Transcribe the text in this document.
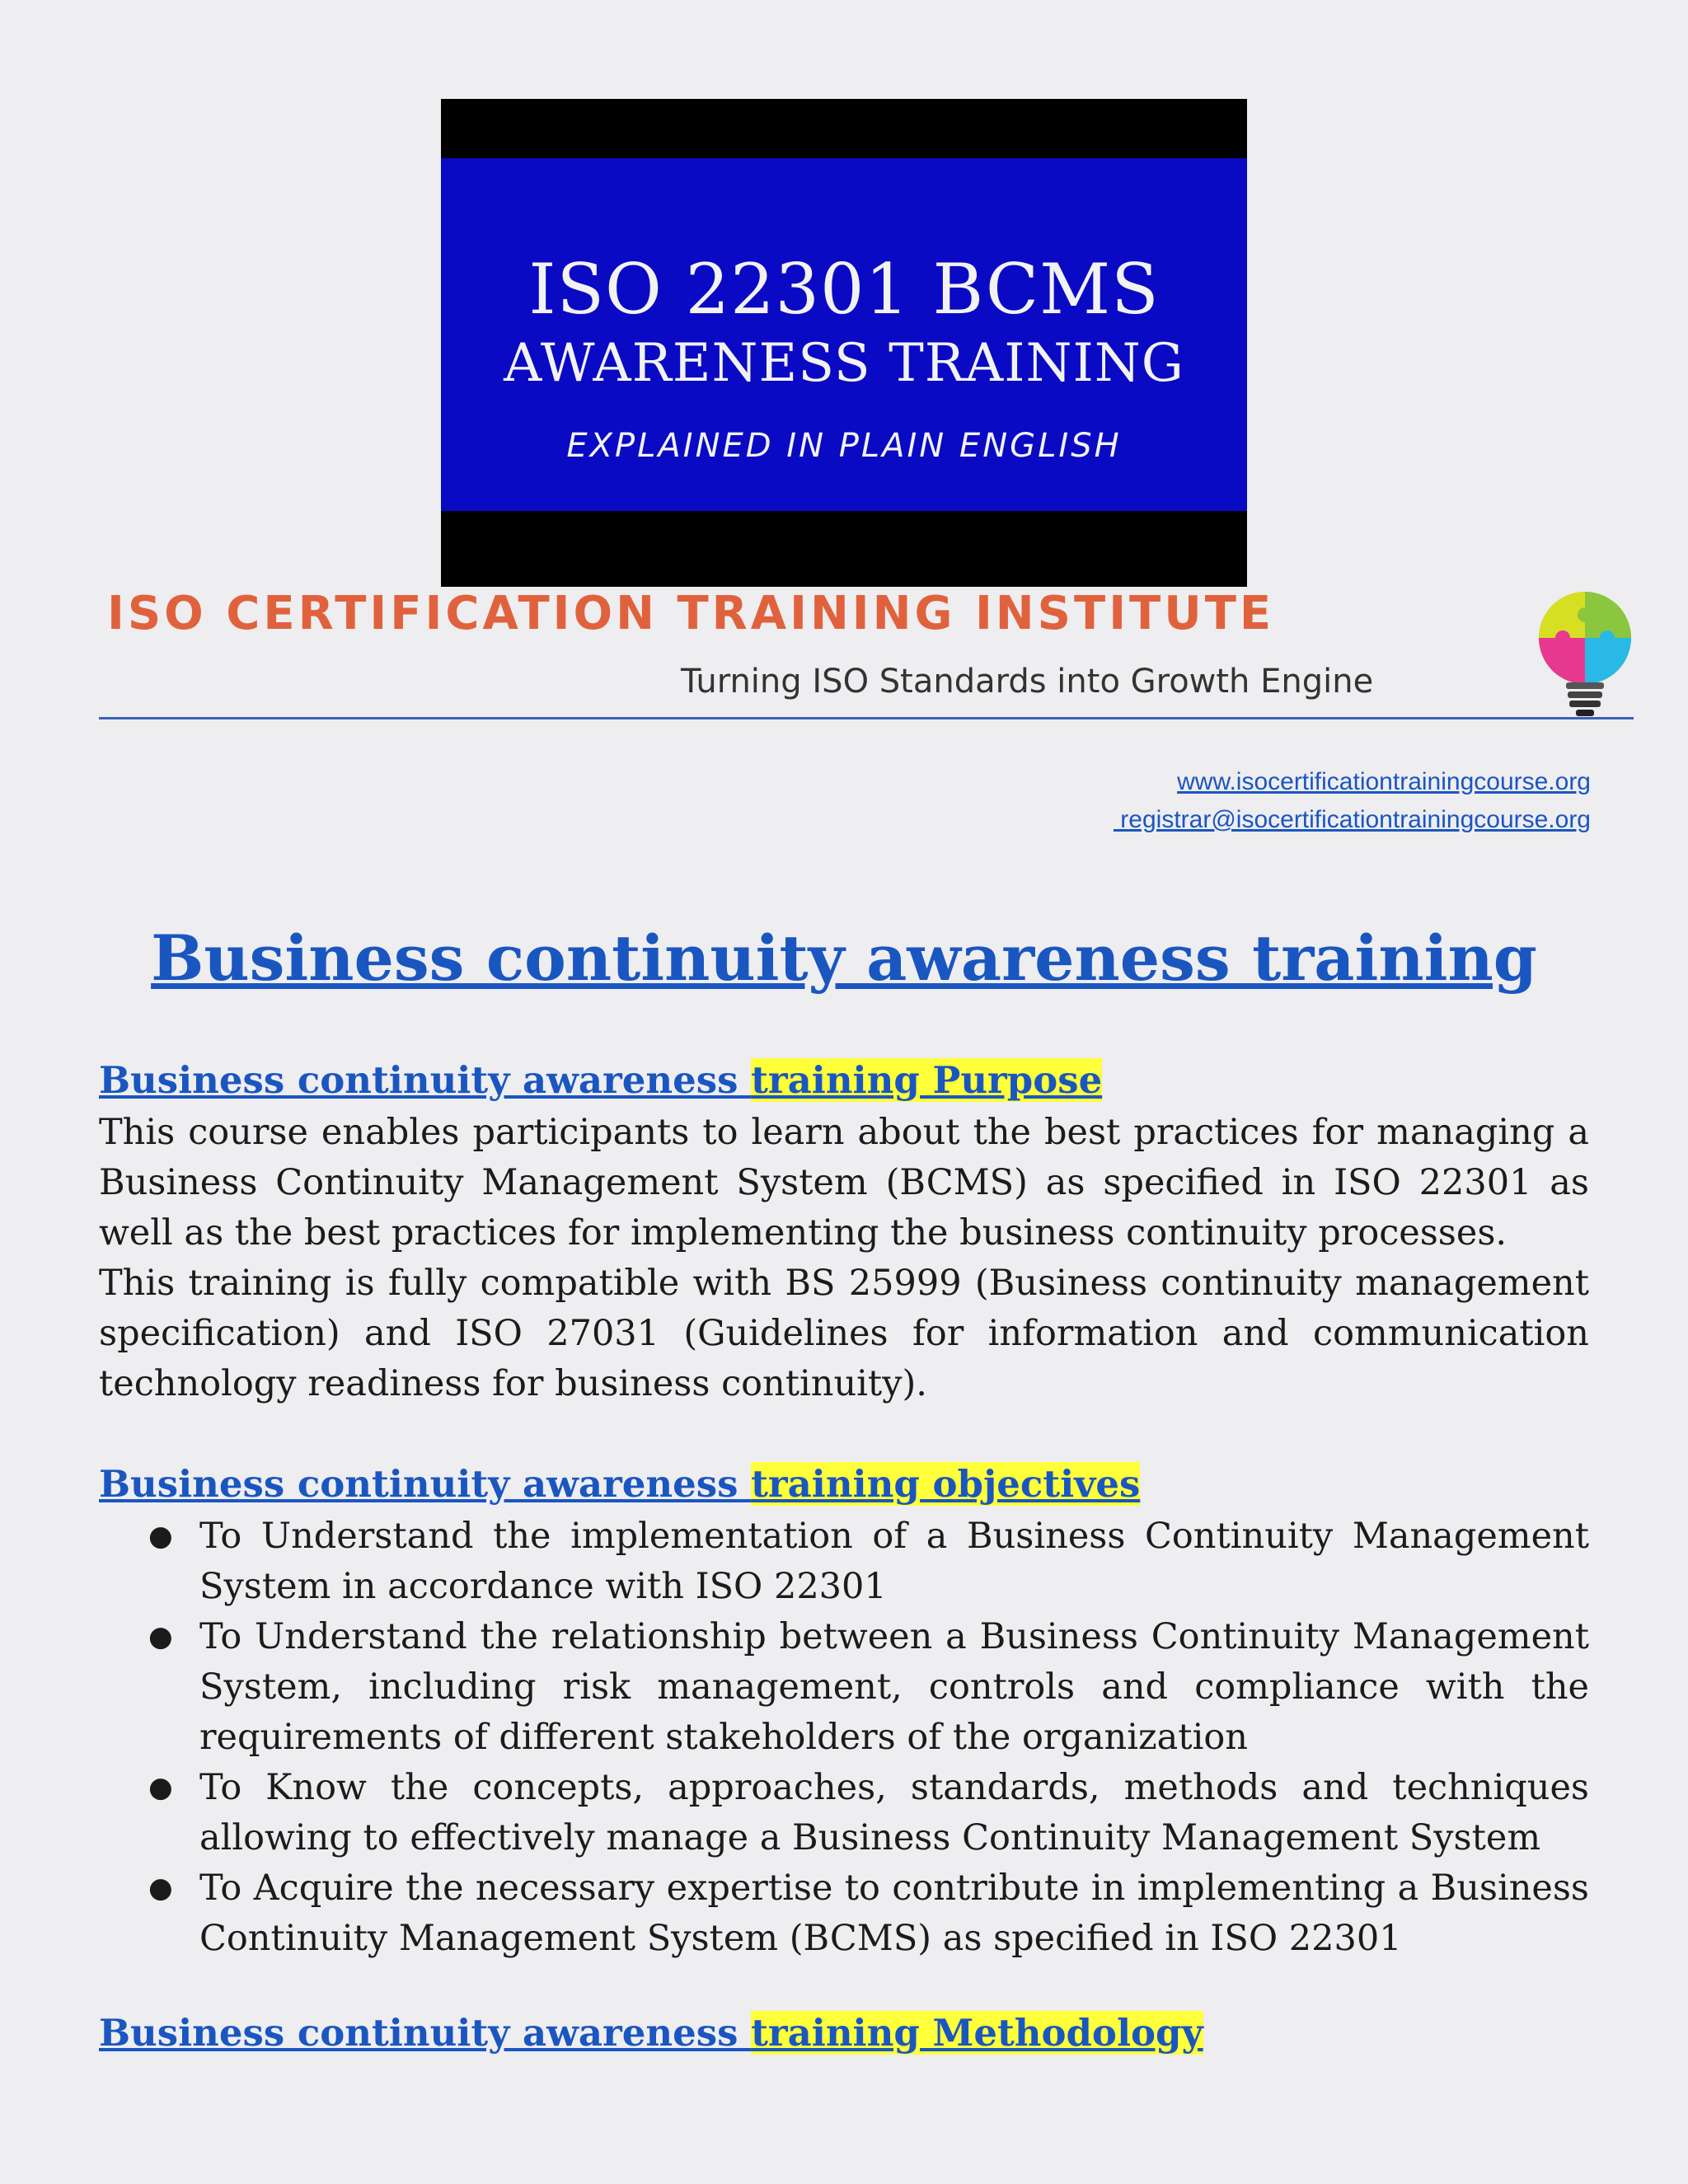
ISO 22301 BCMS
AWARENESS TRAINING
EXPLAINED IN PLAIN ENGLISH
ISO CERTIFICATION TRAINING INSTITUTE
Turning ISO Standards into Growth Engine
www.isocertificationtrainingcourse.org
registrar@isocertificationtrainingcourse.org
Business continuity awareness training
Business continuity awareness training Purpose
This course enables participants to learn about the best practices for managing a Business Continuity Management System (BCMS) as specified in ISO 22301 as well as the best practices for implementing the business continuity processes.
This training is fully compatible with BS 25999 (Business continuity management specification) and ISO 27031 (Guidelines for information and communication technology readiness for business continuity).
Business continuity awareness training objectives
● To Understand the implementation of a Business Continuity Management System in accordance with ISO 22301
● To Understand the relationship between a Business Continuity Management System, including risk management, controls and compliance with the requirements of different stakeholders of the organization
● To Know the concepts, approaches, standards, methods and techniques allowing to effectively manage a Business Continuity Management System
● To Acquire the necessary expertise to contribute in implementing a Business Continuity Management System (BCMS) as specified in ISO 22301
Business continuity awareness training Methodology
